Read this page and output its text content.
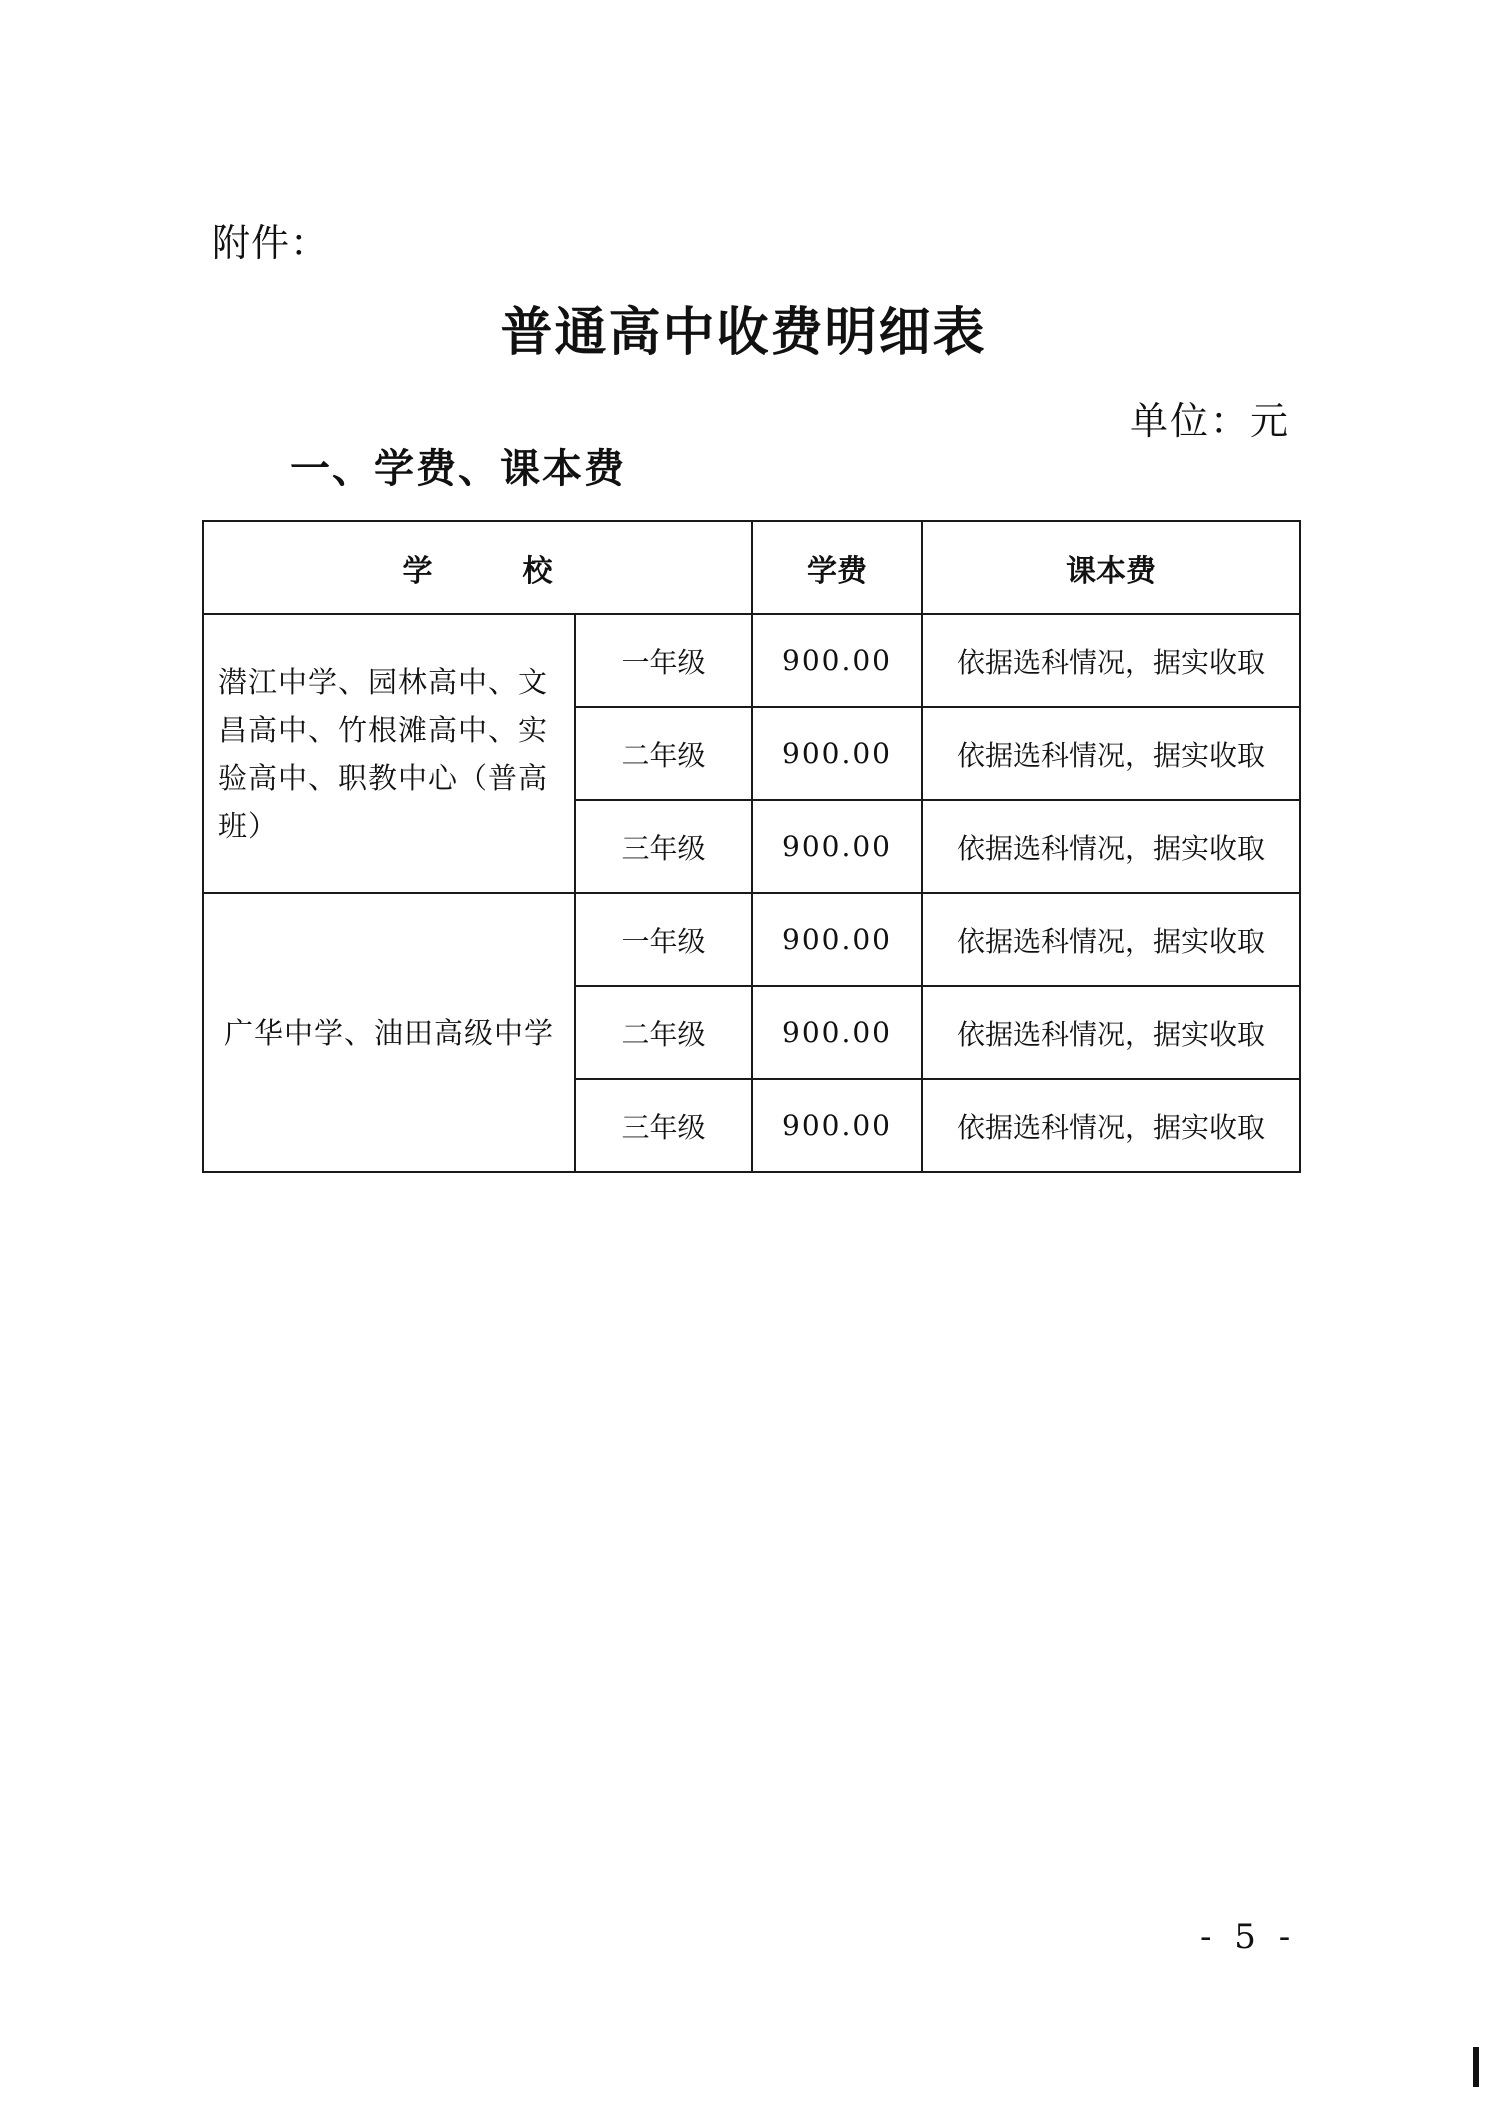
附件：
普通高中收费明细表
单位：元
一、学费、课本费
学 校		学费	课本费
潜江中学、园林高中、文昌高中、竹根滩高中、实验高中、职教中心（普高班）	一年级	900.00	依据选科情况，据实收取
	二年级	900.00	依据选科情况，据实收取
	三年级	900.00	依据选科情况，据实收取
广华中学、油田高级中学	一年级	900.00	依据选科情况，据实收取
	二年级	900.00	依据选科情况，据实收取
	三年级	900.00	依据选科情况，据实收取
- 5 -
